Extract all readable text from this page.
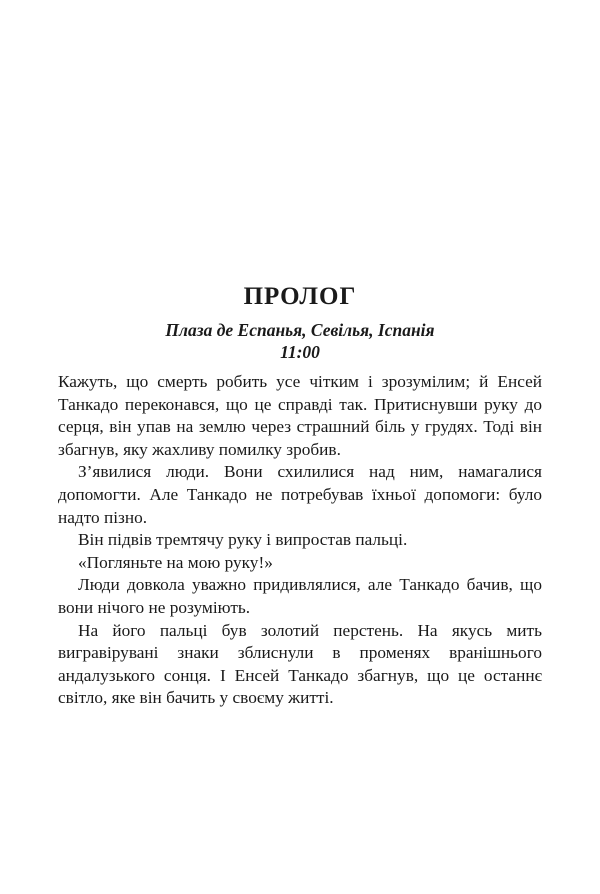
ПРОЛОГ
Плаза де Еспанья, Севілья, Іспанія
11:00

Кажуть, що смерть робить усе чітким і зрозумілим; й Енсей Танкадо переконався, що це справді так. Притиснувши руку до серця, він упав на землю через страшний біль у грудях. Тоді він збагнув, яку жахливу помилку зробив.

З’явилися люди. Вони схилилися над ним, намагалися допомогти. Але Танкадо не потребував їхньої допомоги: було надто пізно.

Він підвів тремтячу руку і випростав пальці.

«Погляньте на мою руку!»

Люди довкола уважно придивлялися, але Танкадо бачив, що вони нічого не розуміють.

На його пальці був золотий перстень. На якусь мить вигравірувані знаки зблиснули в променях вранішнього андалузького сонця. І Енсей Танкадо збагнув, що це останнє світло, яке він бачить у своєму житті.
